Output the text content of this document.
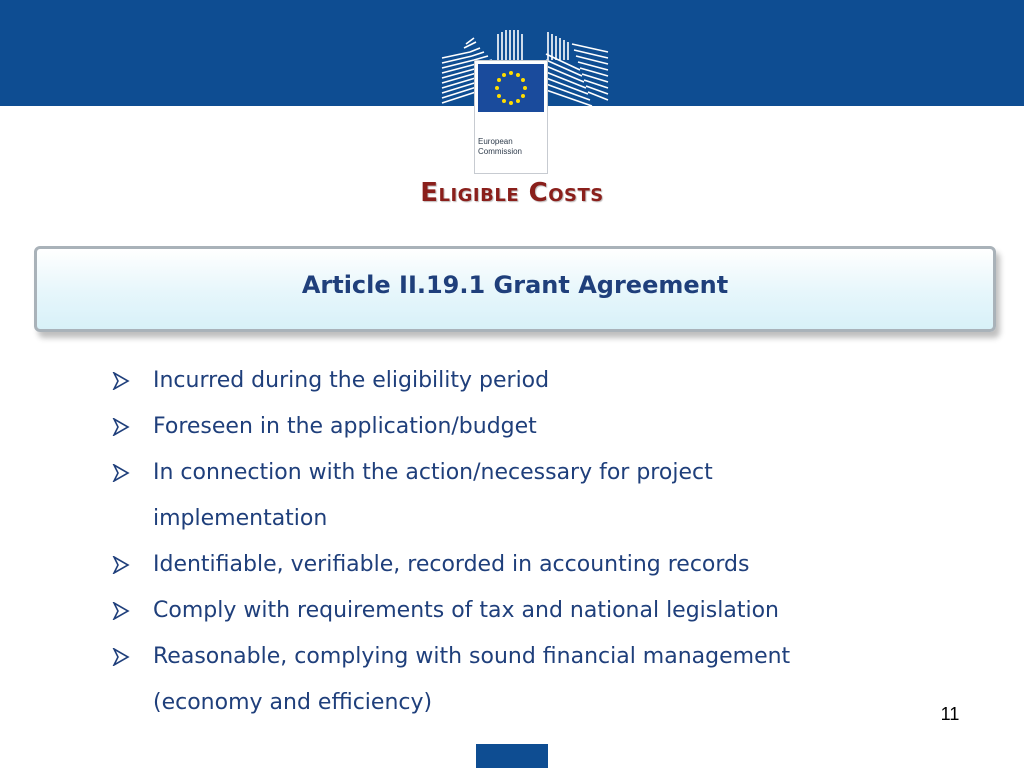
European
Commission
Eligible Costs
Article II.19.1 Grant Agreement
Incurred during the eligibility period
Foreseen in the application/budget
In connection with the action/necessary for project
implementation
Identifiable, verifiable, recorded in accounting records
Comply with requirements of tax and national legislation
Reasonable, complying with sound financial management
(economy and efficiency)	11
